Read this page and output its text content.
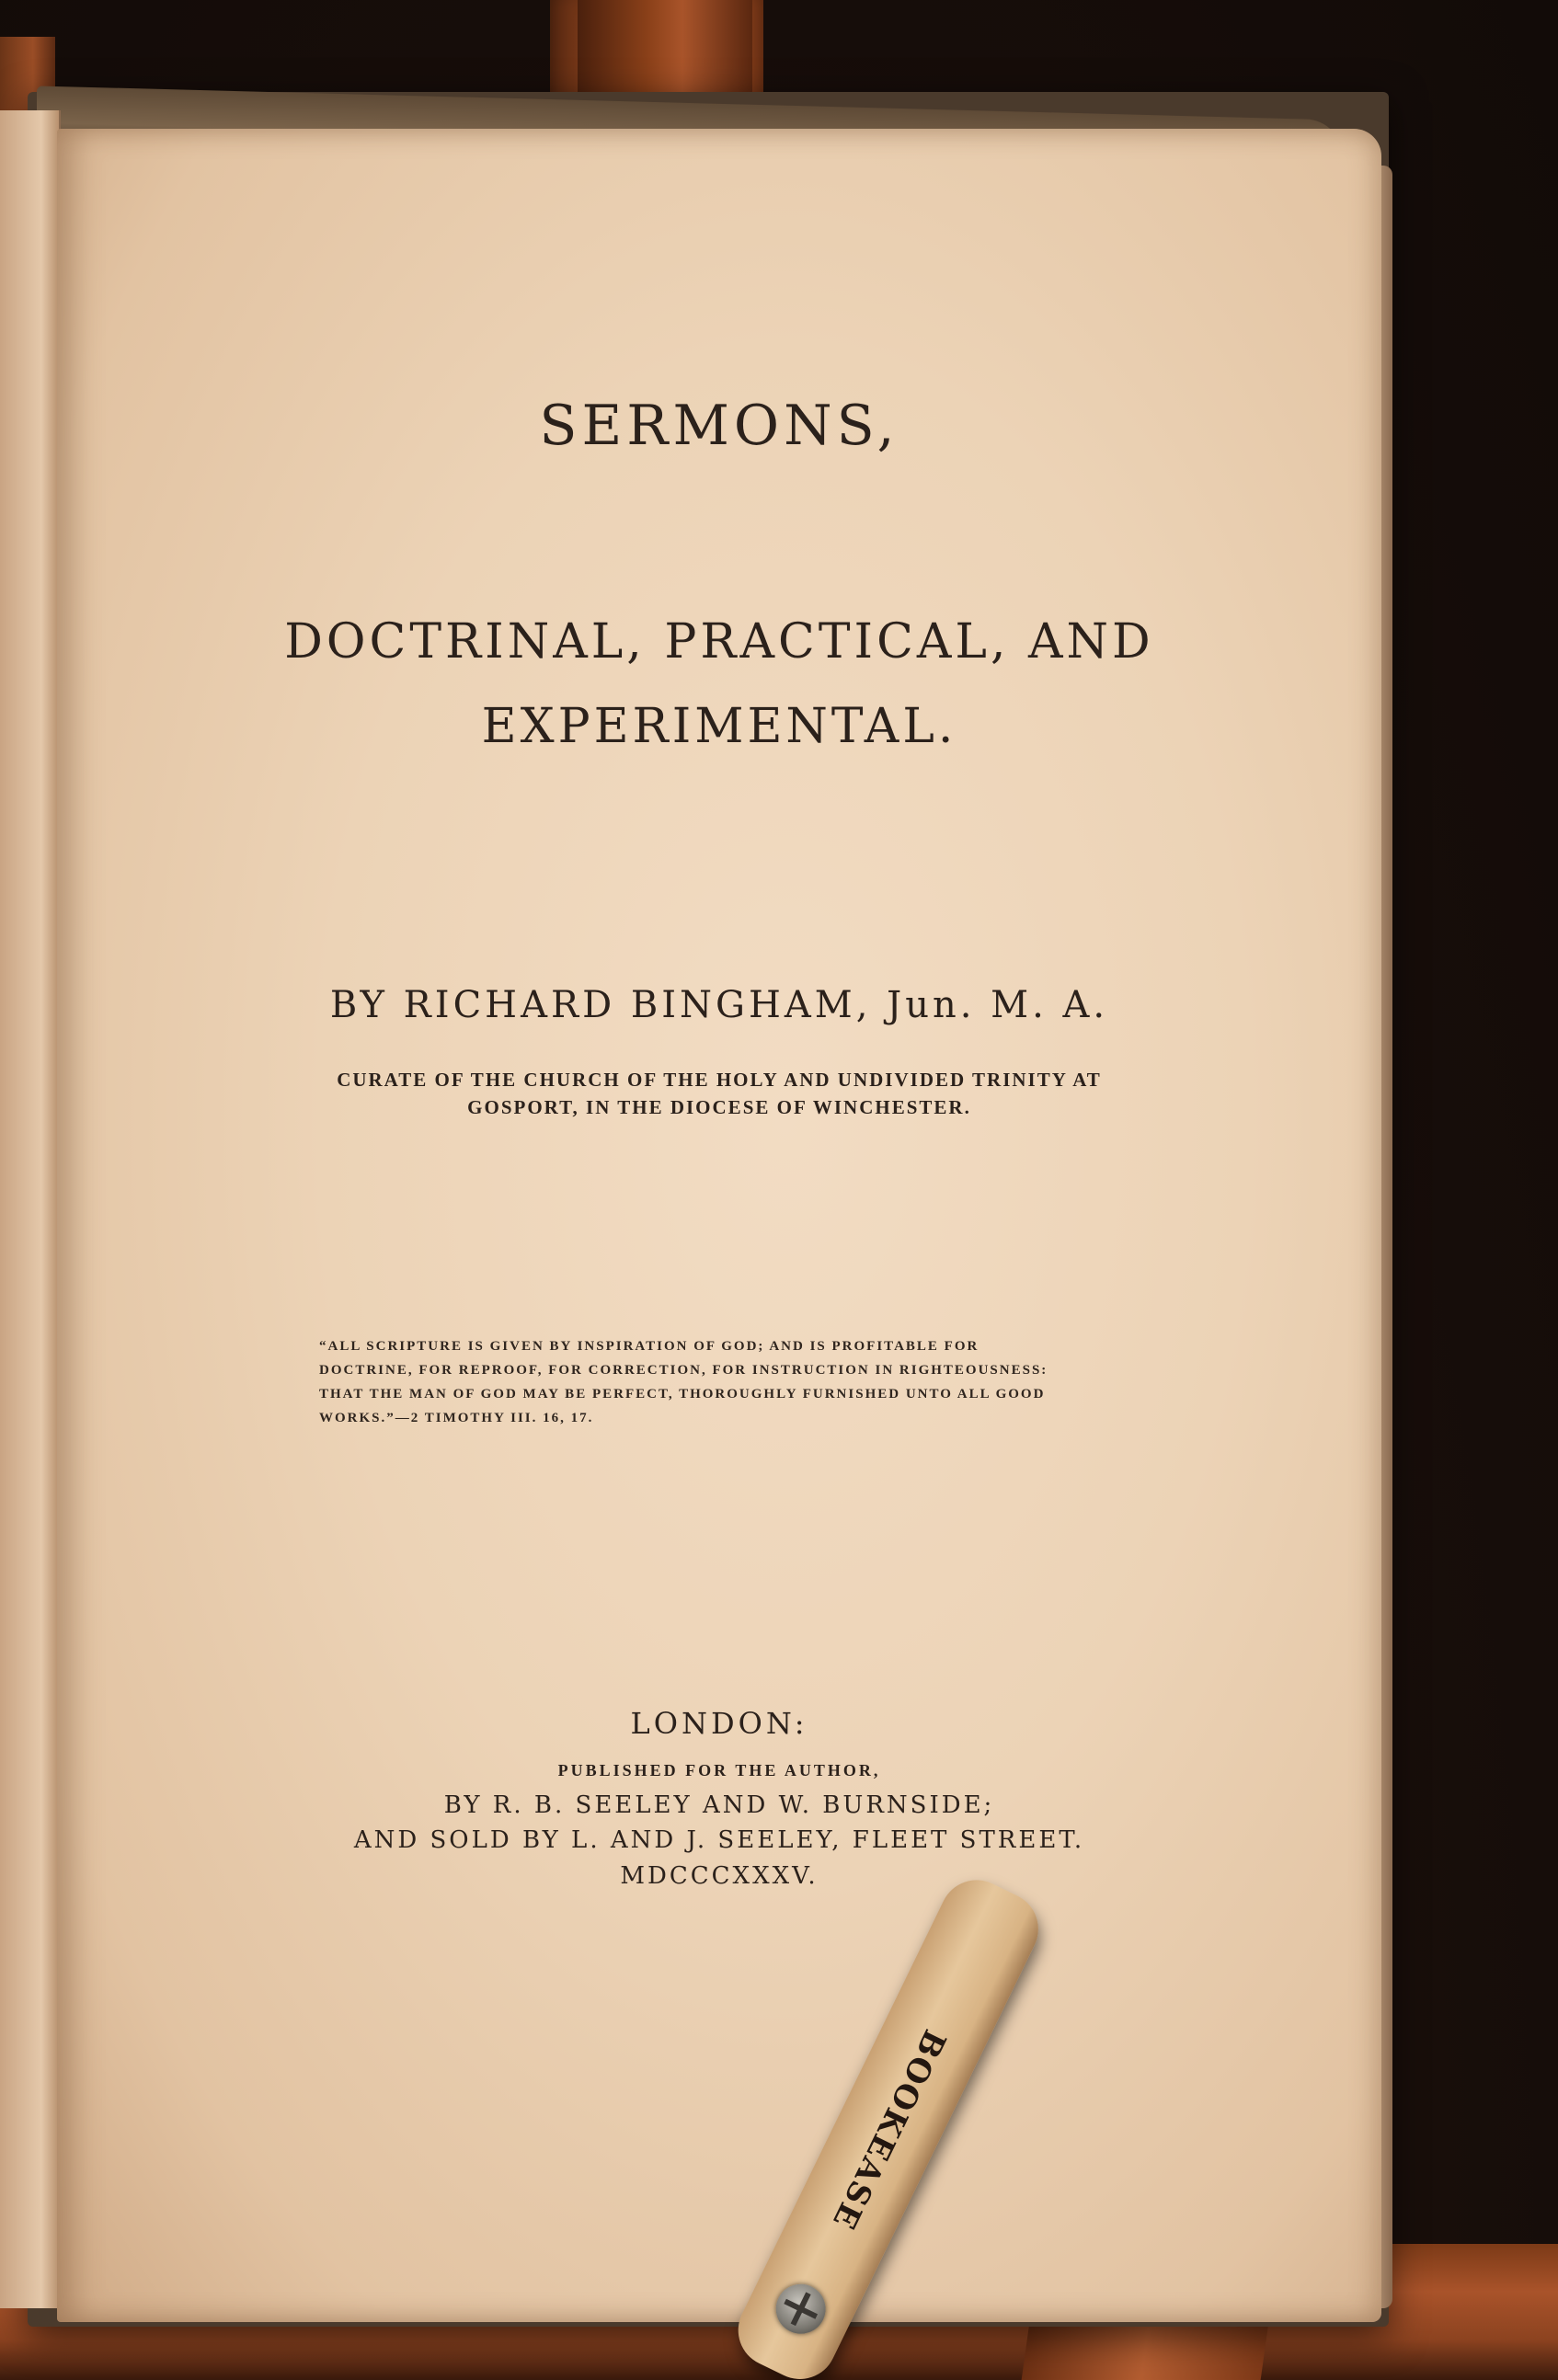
SERMONS,
DOCTRINAL, PRACTICAL, AND
EXPERIMENTAL.
BY RICHARD BINGHAM, Jun. M. A.
CURATE OF THE CHURCH OF THE HOLY AND UNDIVIDED TRINITY AT
GOSPORT, IN THE DIOCESE OF WINCHESTER.
“ALL SCRIPTURE IS GIVEN BY INSPIRATION OF GOD; AND IS PROFITABLE FOR
DOCTRINE, FOR REPROOF, FOR CORRECTION, FOR INSTRUCTION IN RIGHTEOUSNESS:
THAT THE MAN OF GOD MAY BE PERFECT, THOROUGHLY FURNISHED UNTO ALL GOOD
WORKS.”—2 TIMOTHY III. 16, 17.
LONDON:
PUBLISHED FOR THE AUTHOR,
BY R. B. SEELEY AND W. BURNSIDE;
AND SOLD BY L. AND J. SEELEY, FLEET STREET.
MDCCCXXXV.
BOOKEASE
